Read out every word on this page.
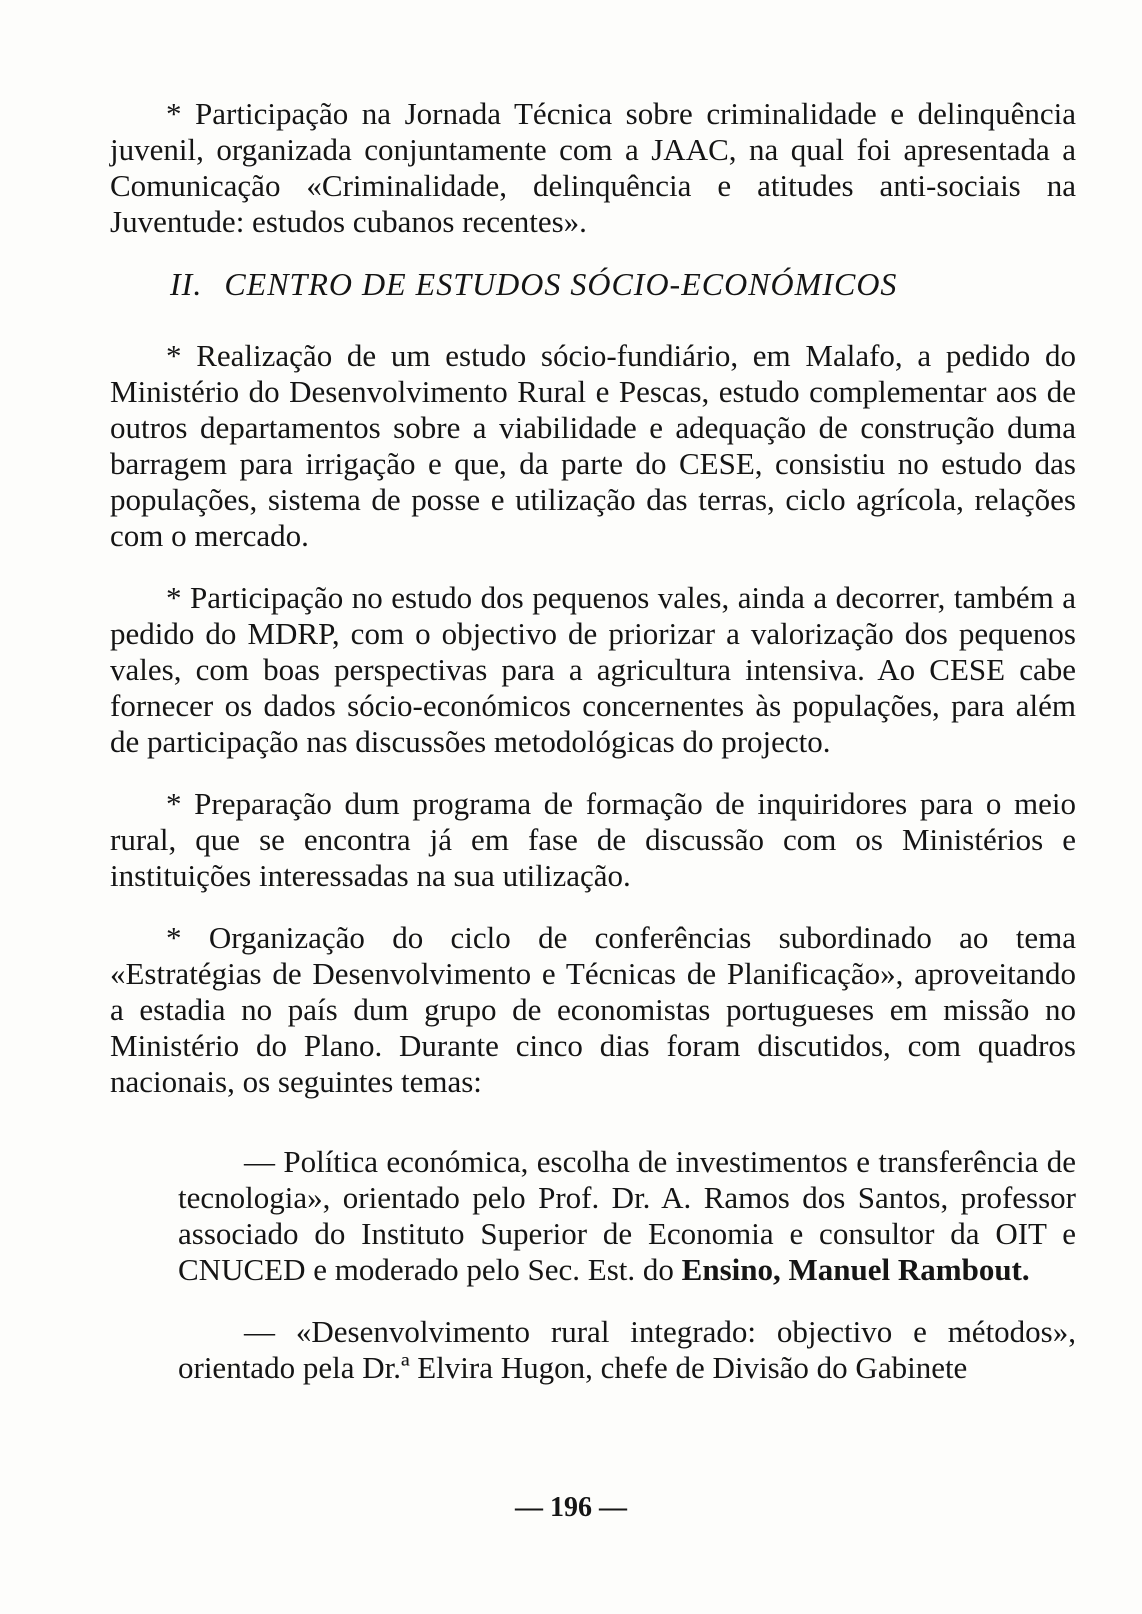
* Participação na Jornada Técnica sobre criminalidade e delinquência juvenil, organizada conjuntamente com a JAAC, na qual foi apresentada a Comunicação «Criminalidade, delinquência e atitudes anti-sociais na Juventude: estudos cubanos recentes».

II. CENTRO DE ESTUDOS SÓCIO-ECONÓMICOS

* Realização de um estudo sócio-fundiário, em Malafo, a pedido do Ministério do Desenvolvimento Rural e Pescas, estudo complementar aos de outros departamentos sobre a viabilidade e adequação de construção duma barragem para irrigação e que, da parte do CESE, consistiu no estudo das populações, sistema de posse e utilização das terras, ciclo agrícola, relações com o mercado.

* Participação no estudo dos pequenos vales, ainda a decorrer, também a pedido do MDRP, com o objectivo de priorizar a valorização dos pequenos vales, com boas perspectivas para a agricultura intensiva. Ao CESE cabe fornecer os dados sócio-económicos concernentes às populações, para além de participação nas discussões metodológicas do projecto.

* Preparação dum programa de formação de inquiridores para o meio rural, que se encontra já em fase de discussão com os Ministérios e instituições interessadas na sua utilização.

* Organização do ciclo de conferências subordinado ao tema «Estratégias de Desenvolvimento e Técnicas de Planificação», aproveitando a estadia no país dum grupo de economistas portugueses em missão no Ministério do Plano. Durante cinco dias foram discutidos, com quadros nacionais, os seguintes temas:

— Política económica, escolha de investimentos e transferência de tecnologia», orientado pelo Prof. Dr. A. Ramos dos Santos, professor associado do Instituto Superior de Economia e consultor da OIT e CNUCED e moderado pelo Sec. Est. do Ensino, Manuel Rambout.

— «Desenvolvimento rural integrado: objectivo e métodos», orientado pela Dr.ª Elvira Hugon, chefe de Divisão do Gabinete

— 196 —
